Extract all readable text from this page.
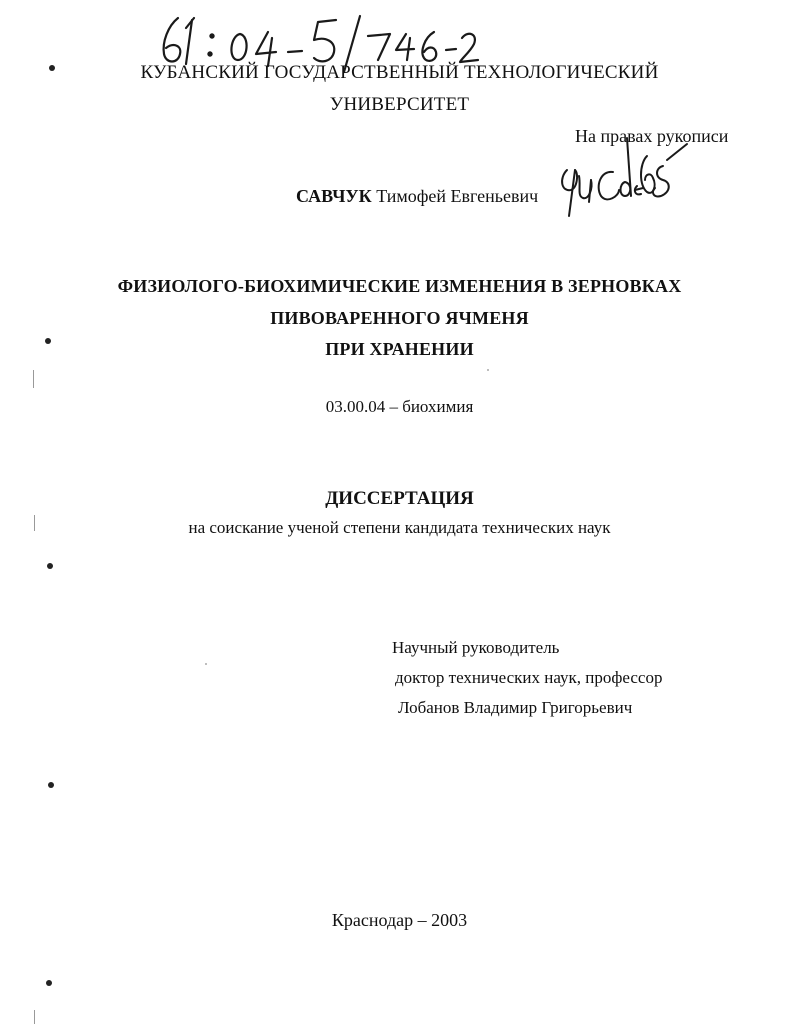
КУБАНСКИЙ ГОСУДАРСТВЕННЫЙ ТЕХНОЛОГИЧЕСКИЙ
УНИВЕРСИТЕТ
На правах рукописи
САВЧУК Тимофей Евгеньевич
ФИЗИОЛОГО-БИОХИМИЧЕСКИЕ ИЗМЕНЕНИЯ В ЗЕРНОВКАХ
ПИВОВАРЕННОГО ЯЧМЕНЯ
ПРИ ХРАНЕНИИ
03.00.04 – биохимия
ДИССЕРТАЦИЯ
на соискание ученой степени кандидата технических наук
Научный руководитель
доктор технических наук, профессор
Лобанов Владимир Григорьевич
Краснодар – 2003
